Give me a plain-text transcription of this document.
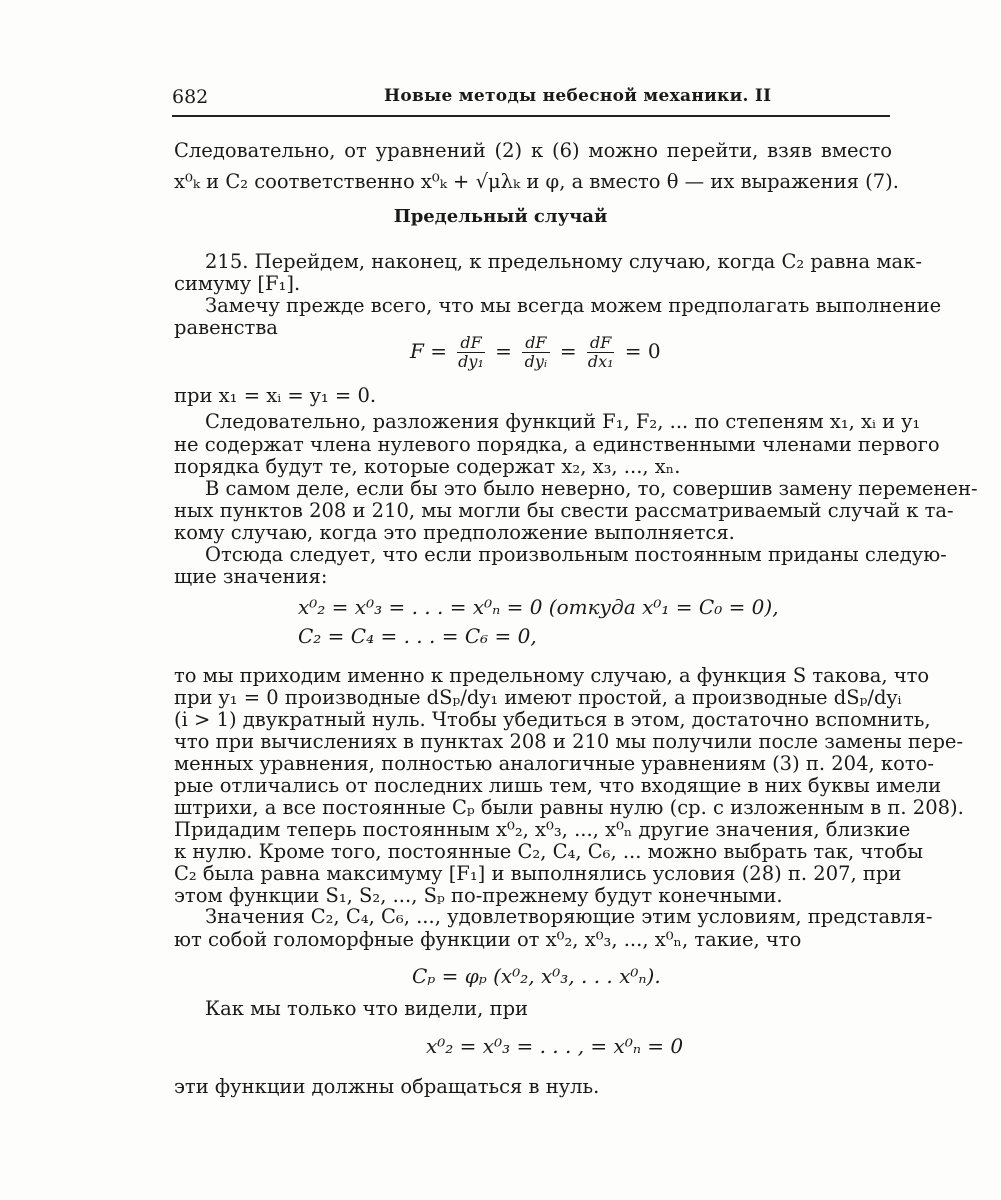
682	Новые методы небесной механики. II
Следовательно, от уравнений (2) к (6) можно перейти, взяв вместо
x⁰ₖ и C₂ соответственно x⁰ₖ + √μλₖ и φ, а вместо θ — их выражения (7).
Предельный случай
215. Перейдем, наконец, к предельному случаю, когда C₂ равна мак-
симуму [F₁].
Замечу прежде всего, что мы всегда можем предполагать выполнение
равенства
$F = \frac{dF}{\text{dy₁}} = \frac{dF}{\text{dyᵢ}} = \frac{dF}{\text{dx₁}} = 0$
при x₁ = xᵢ = y₁ = 0.
Следовательно, разложения функций F₁, F₂, ... по степеням x₁, xᵢ и y₁
не содержат члена нулевого порядка, а единственными членами первого
порядка будут те, которые содержат x₂, x₃, ..., xₙ.
В самом деле, если бы это было неверно, то, совершив замену переменен-
ных пунктов 208 и 210, мы могли бы свести рассматриваемый случай к та-
кому случаю, когда это предположение выполняется.
Отсюда следует, что если произвольным постоянным приданы следую-
щие значения:
x⁰₂ = x⁰₃ = . . . = x⁰ₙ = 0 (откуда x⁰₁ = C₀ = 0),
C₂ = C₄ = . . . = C₆ = 0,
то мы приходим именно к предельному случаю, а функция S такова, что
при y₁ = 0 производные dSₚ/dy₁ имеют простой, а производные dSₚ/dyᵢ
(i > 1) двукратный нуль. Чтобы убедиться в этом, достаточно вспомнить,
что при вычислениях в пунктах 208 и 210 мы получили после замены пере-
менных уравнения, полностью аналогичные уравнениям (3) п. 204, кото-
рые отличались от последних лишь тем, что входящие в них буквы имели
штрихи, а все постоянные Cₚ были равны нулю (ср. с изложенным в п. 208).
Придадим теперь постоянным x⁰₂, x⁰₃, ..., x⁰ₙ другие значения, близкие
к нулю. Кроме того, постоянные C₂, C₄, C₆, ... можно выбрать так, чтобы
C₂ была равна максимуму [F₁] и выполнялись условия (28) п. 207, при
этом функции S₁, S₂, ..., Sₚ по-прежнему будут конечными.
Значения C₂, C₄, C₆, ..., удовлетворяющие этим условиям, представля-
ют собой голоморфные функции от x⁰₂, x⁰₃, ..., x⁰ₙ, такие, что
Cₚ = φₚ (x⁰₂, x⁰₃, . . . x⁰ₙ).
Как мы только что видели, при
x⁰₂ = x⁰₃ = . . . , = x⁰ₙ = 0
эти функции должны обращаться в нуль.
